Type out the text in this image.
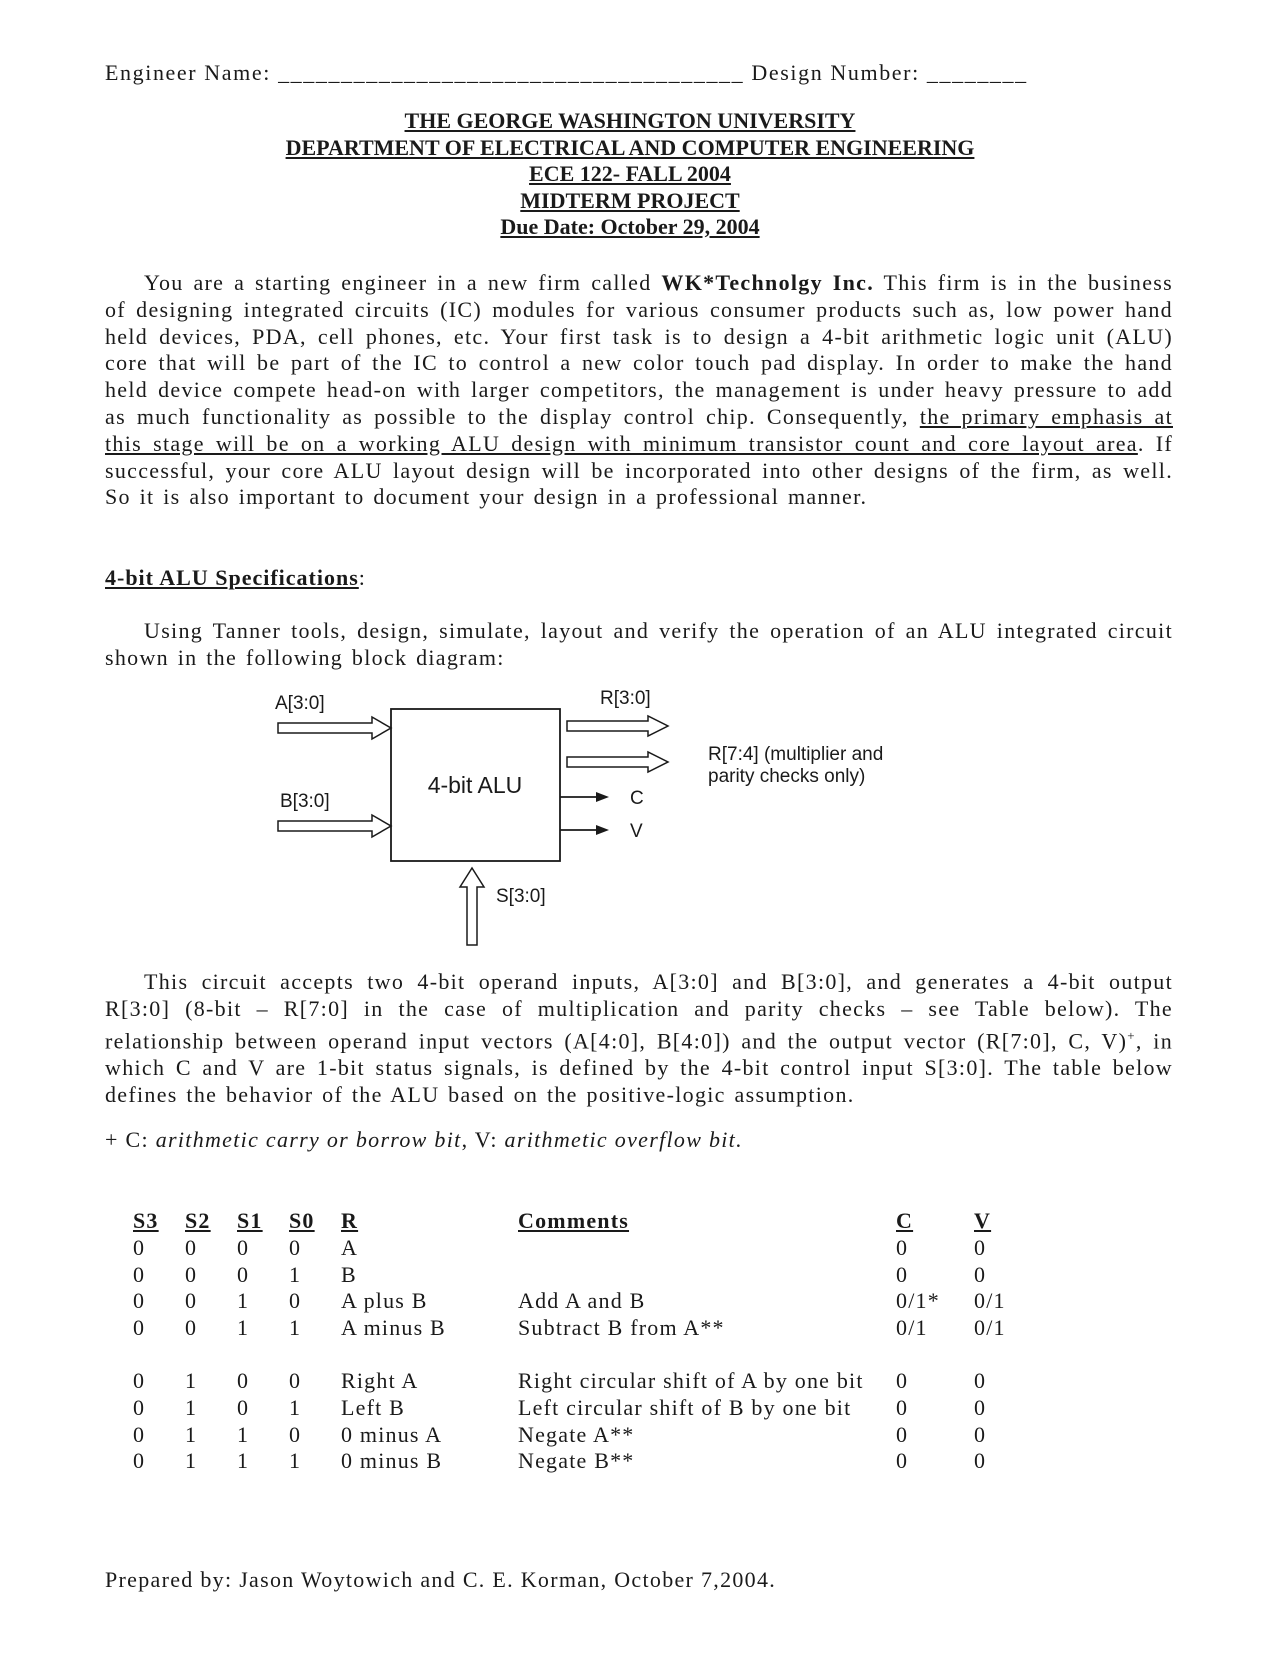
Engineer Name: _____________________________________ Design Number: ________
THE GEORGE WASHINGTON UNIVERSITY
DEPARTMENT OF ELECTRICAL AND COMPUTER ENGINEERING
ECE 122- FALL 2004
MIDTERM PROJECT
Due Date: October 29, 2004

You are a starting engineer in a new firm called WK*Technolgy Inc. This firm is in the business of designing integrated circuits (IC) modules for various consumer products such as, low power hand held devices, PDA, cell phones, etc. Your first task is to design a 4-bit arithmetic logic unit (ALU) core that will be part of the IC to control a new color touch pad display. In order to make the hand held device compete head-on with larger competitors, the management is under heavy pressure to add as much functionality as possible to the display control chip. Consequently, the primary emphasis at this stage will be on a working ALU design with minimum transistor count and core layout area. If successful, your core ALU layout design will be incorporated into other designs of the firm, as well. So it is also important to document your design in a professional manner.

4-bit ALU Specifications:

Using Tanner tools, design, simulate, layout and verify the operation of an ALU integrated circuit shown in the following block diagram:

A[3:0]
B[3:0]
4-bit ALU
R[3:0]
R[7:4] (multiplier and
parity checks only)
C
V
S[3:0]

This circuit accepts two 4-bit operand inputs, A[3:0] and B[3:0], and generates a 4-bit output R[3:0] (8-bit – R[7:0] in the case of multiplication and parity checks – see Table below). The relationship between operand input vectors (A[4:0], B[4:0]) and the output vector (R[7:0], C, V)+, in which C and V are 1-bit status signals, is defined by the 4-bit control input S[3:0]. The table below defines the behavior of the ALU based on the positive-logic assumption.

+ C: arithmetic carry or borrow bit, V: arithmetic overflow bit.
S3	S2	S1	S0	R	Comments	C	V
0	0	0	0	A		0	0
0	0	0	1	B		0	0
0	0	1	0	A plus B	Add A and B	0/1*	0/1
0	0	1	1	A minus B	Subtract B from A**	0/1	0/1

0	1	0	0	Right A	Right circular shift of A by one bit	0	0
0	1	0	1	Left B	Left circular shift of B by one bit	0	0
0	1	1	0	0 minus A	Negate A**	0	0
0	1	1	1	0 minus B	Negate B**	0	0
Prepared by: Jason Woytowich and C. E. Korman, October 7,2004.
